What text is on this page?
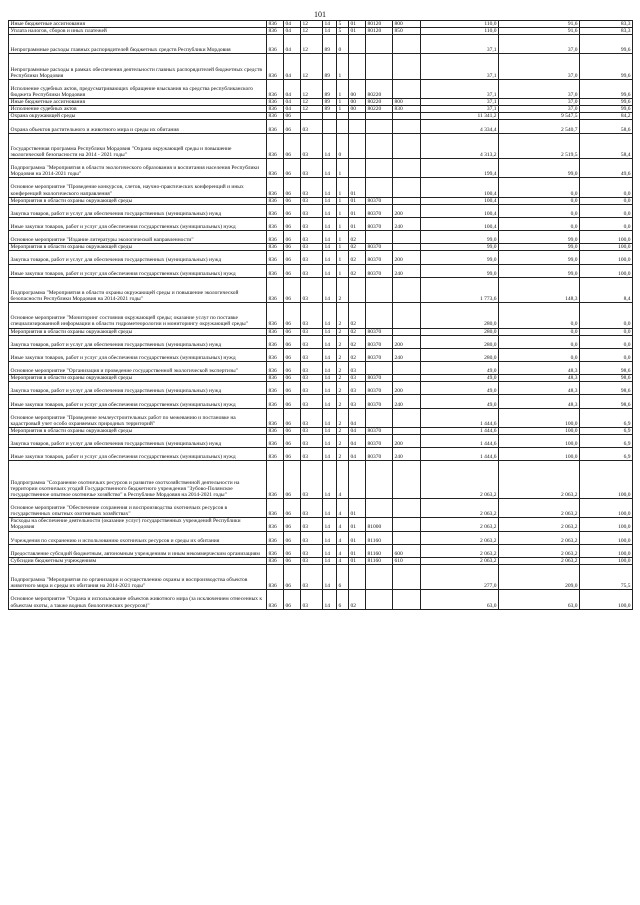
101
Иные бюджетные ассигнования	836	04	12	14	5	01	80120	800	110,0	91,6	83,3
Уплата налогов, сборов и иных платежей	836	04	12	14	5	01	80120	850	110,0	91,6	83,3
Непрограммные расходы главных распорядителей бюджетных средств Республики Мордовия	836	04	12	89	0				37,1	37,0	99,6
Непрограммные расходы в рамках обеспечения деятельности главных распорядителей бюджетных средств Республики Мордовия	836	04	12	89	1				37,1	37,0	99,6
Исполнение судебных актов, предусматривающих обращение взыскания на средства республиканского бюджета Республики Мордовия	836	04	12	89	1	00	80220		37,1	37,0	99,6
Иные бюджетные ассигнования	836	04	12	89	1	00	80220	800	37,1	37,0	99,6
Исполнение судебных актов	836	04	12	89	1	00	80220	830	37,1	37,0	99,6
Охрана окружающей среды	836	06							11 341,2	9 547,5	84,2
Охрана объектов растительного и животного мира и среды их обитания	836	06	03						4 334,4	2 540,7	58,6
Государственная программа Республики Мордовия "Охрана окружающей среды и повышение экологической безопасности на 2014 - 2021 годы"	836	06	03	14	0				4 313,2	2 519,5	58,4
Подпрограмма "Мероприятия в области экологического образования и воспитания населения Республики Мордовия на 2014-2021 годы"	836	06	03	14	1				199,4	99,0	49,6
Основное мероприятие "Проведение конкурсов, слетов, научно-практических конференций и иных конференций экологического направления"	836	06	03	14	1	01			100,4	0,0	0,0
Мероприятия в области охраны окружающей среды	836	06	03	14	1	01	80370		100,4	0,0	0,0
Закупка товаров, работ и услуг для обеспечения государственных (муниципальных) нужд	836	06	03	14	1	01	80370	200	100,4	0,0	0,0
Иные закупки товаров, работ и услуг для обеспечения государственных (муниципальных) нужд	836	06	03	14	1	01	80370	240	100,4	0,0	0,0
Основное мероприятие "Издание литературы экологической направленности"	836	06	03	14	1	02			99,0	99,0	100,0
Мероприятия в области охраны окружающей среды	836	06	03	14	1	02	80370		99,0	99,0	100,0
Закупка товаров, работ и услуг для обеспечения государственных (муниципальных) нужд	836	06	03	14	1	02	80370	200	99,0	99,0	100,0
Иные закупки товаров, работ и услуг для обеспечения государственных (муниципальных) нужд	836	06	03	14	1	02	80370	240	99,0	99,0	100,0
Подпрограмма "Мероприятия в области охраны окружающей среды и повышение экологической безопасности Республики Мордовия на 2014-2021 годы"	836	06	03	14	2				1 773,6	148,3	8,4
Основное мероприятие "Мониторинг состояния окружающей среды; оказание услуг по поставке специализированной информации в области гидрометеорологии и мониторингу окружающей среды"	836	06	03	14	2	02			280,0	0,0	0,0
Мероприятия в области охраны окружающей среды	836	06	03	14	2	02	80370		280,0	0,0	0,0
Закупка товаров, работ и услуг для обеспечения государственных (муниципальных) нужд	836	06	03	14	2	02	80370	200	280,0	0,0	0,0
Иные закупки товаров, работ и услуг для обеспечения государственных (муниципальных) нужд	836	06	03	14	2	02	80370	240	280,0	0,0	0,0
Основное мероприятие "Организация и проведение государственной экологической экспертизы"	836	06	03	14	2	03			49,0	48,3	98,6
Мероприятия в области охраны окружающей среды	836	06	03	14	2	03	80370		49,0	48,3	98,6
Закупка товаров, работ и услуг для обеспечения государственных (муниципальных) нужд	836	06	03	14	2	03	80370	200	49,0	48,3	98,6
Иные закупки товаров, работ и услуг для обеспечения государственных (муниципальных) нужд	836	06	03	14	2	03	80370	240	49,0	48,3	98,6
Основное мероприятие "Проведение землеустроительных работ по межеванию и постановке на кадастровый учет особо охраняемых природных территорий"	836	06	03	14	2	04			1 444,6	100,0	6,9
Мероприятия в области охраны окружающей среды	836	06	03	14	2	04	80370		1 444,6	100,0	6,9
Закупка товаров, работ и услуг для обеспечения государственных (муниципальных) нужд	836	06	03	14	2	04	80370	200	1 444,6	100,0	6,9
Иные закупки товаров, работ и услуг для обеспечения государственных (муниципальных) нужд	836	06	03	14	2	04	80370	240	1 444,6	100,0	6,9
Подпрограмма "Сохранение охотничьих ресурсов и развитие охотхозяйственной деятельности на территории охотничьих угодий Государственного бюджетного учреждения "Зубово-Полянское государственное опытное охотничье хозяйство" в Республике Мордовия на 2014-2021 годы"	836	06	03	14	4				2 063,2	2 063,2	100,0
Основное мероприятие "Обеспечение сохранения и воспроизводства охотничьих ресурсов в государственных опытных охотничьих хозяйствах"	836	06	03	14	4	01			2 063,2	2 063,2	100,0
Расходы на обеспечение деятельности (оказание услуг) государственных учреждений Республики Мордовия	836	06	03	14	4	01	81000		2 063,2	2 063,2	100,0
Учреждения по сохранению и использованию охотничьих ресурсов и среды их обитания	836	06	03	14	4	01	81160		2 063,2	2 063,2	100,0
Предоставление субсидий бюджетным, автономным учреждениям и иным некоммерческим организациям	836	06	03	14	4	01	81160	600	2 063,2	2 063,2	100,0
Субсидии бюджетным учреждениям	836	06	03	14	4	01	81160	610	2 063,2	2 063,2	100,0
Подпрограмма "Мероприятия по организации и осуществлению охраны и воспроизводства объектов животного мира и среды их обитания на 2014-2021 годы"	836	06	03	14	6				277,0	209,0	75,5
Основное мероприятие "Охрана и использование объектов животного мира (за исключением отнесенных к объектам охоты, а также водных биологических ресурсов)"	836	06	03	14	6	02			63,0	63,0	100,0
